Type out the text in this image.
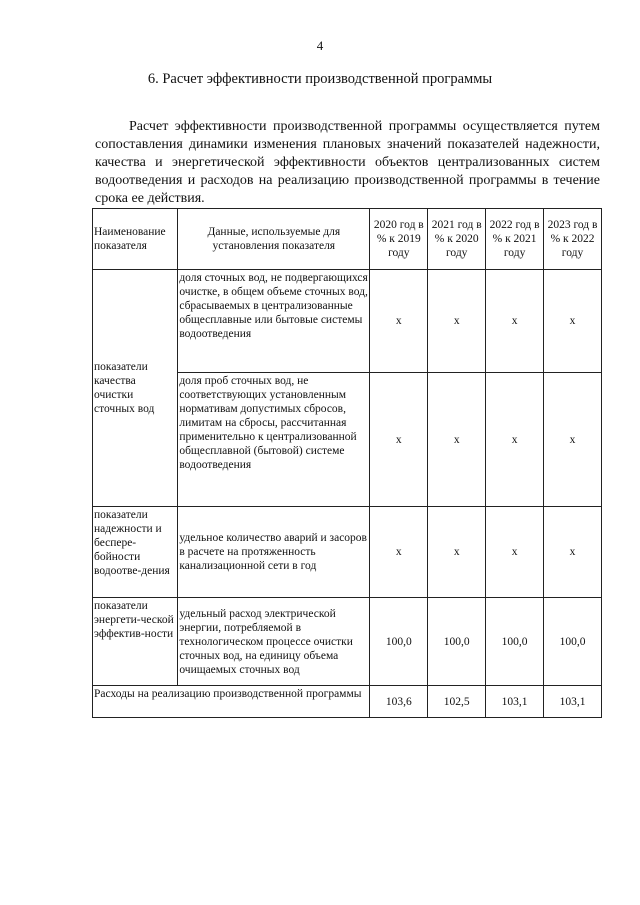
4
6. Расчет эффективности производственной программы

Расчет эффективности производственной программы осуществляется путем сопоставления динамики изменения плановых значений показателей надежности, качества и энергетической эффективности объектов централизованных систем водоотведения и расходов на реализацию производственной программы в течение срока ее действия.

Наименование показателя	Данные, используемые для установления показателя	2020 год в % к 2019 году	2021 год в % к 2020 году	2022 год в % к 2021 году	2023 год в % к 2022 году
показатели качества очистки сточных вод	доля сточных вод, не подвергающихся очистке, в общем объеме сточных вод, сбрасываемых в централизованные общесплавные или бытовые системы водоотведения	x	x	x	x
	доля проб сточных вод, не соответствующих установленным нормативам допустимых сбросов, лимитам на сбросы, рассчитанная применительно к централизованной общесплавной (бытовой) системе водоотведения	x	x	x	x
показатели надежности и беспере-бойности водоотве-дения	удельное количество аварий и засоров в расчете на протяженность канализационной сети в год	x	x	x	x
показатели энергети-ческой эффектив-ности	удельный расход электрической энергии, потребляемой в технологическом процессе очистки сточных вод, на единицу объема очищаемых сточных вод	100,0	100,0	100,0	100,0
Расходы на реализацию производственной программы		103,6	102,5	103,1	103,1
